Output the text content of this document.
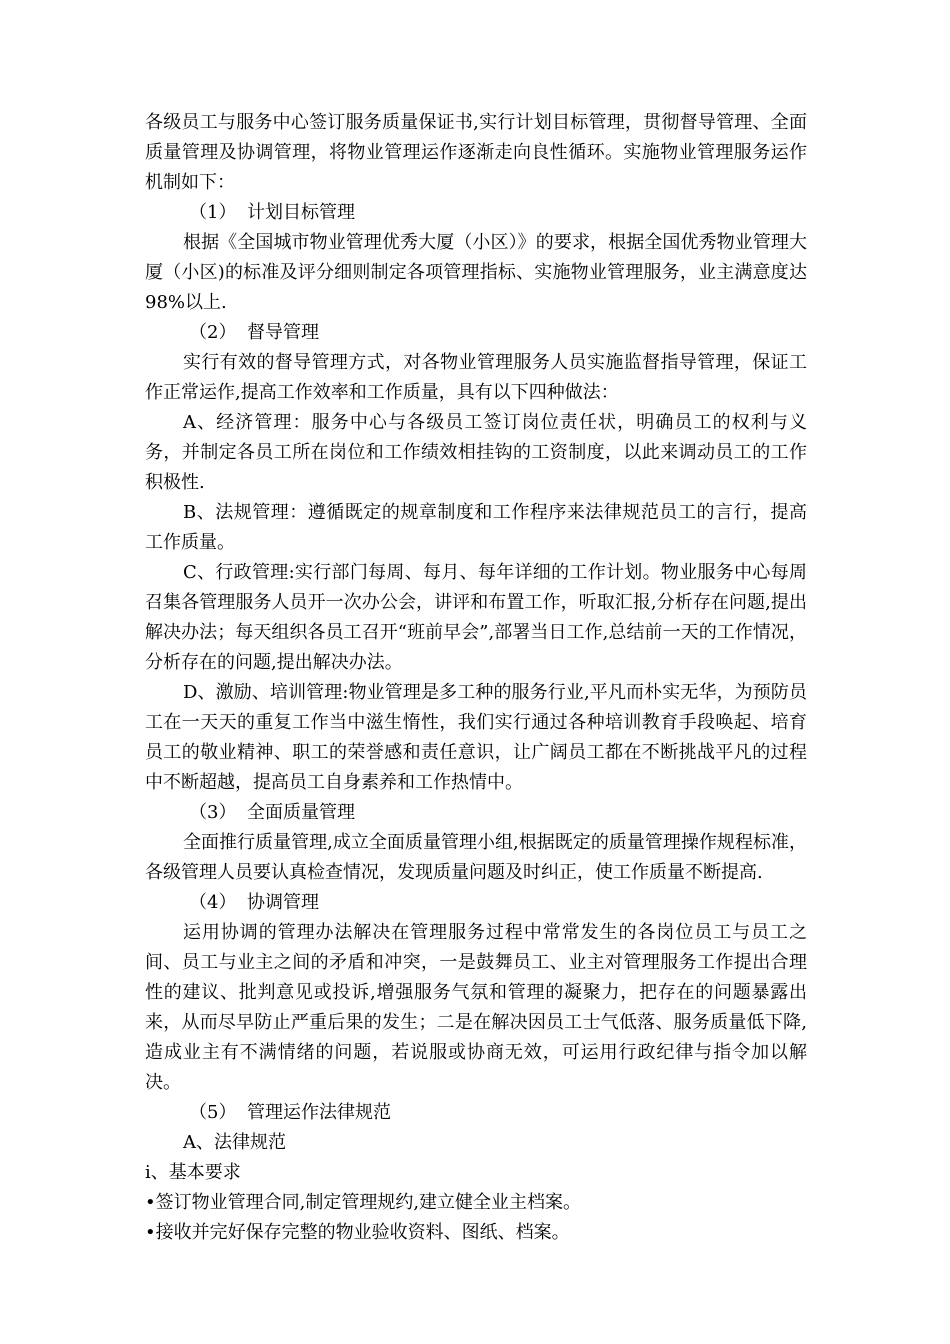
各级员工与服务中心签订服务质量保证书,实行计划目标管理，贯彻督导管理、全面质量管理及协调管理，将物业管理运作逐渐走向良性循环。实施物业管理服务运作机制如下：

（1） 计划目标管理

根据《全国城市物业管理优秀大厦（小区）》的要求，根据全国优秀物业管理大厦（小区)的标准及评分细则制定各项管理指标、实施物业管理服务，业主满意度达98%以上.

（2） 督导管理

实行有效的督导管理方式，对各物业管理服务人员实施监督指导管理，保证工作正常运作,提高工作效率和工作质量，具有以下四种做法：

A、经济管理：服务中心与各级员工签订岗位责任状，明确员工的权利与义务，并制定各员工所在岗位和工作绩效相挂钩的工资制度，以此来调动员工的工作积极性.

B、法规管理：遵循既定的规章制度和工作程序来法律规范员工的言行，提高工作质量。

C、行政管理:实行部门每周、每月、每年详细的工作计划。物业服务中心每周召集各管理服务人员开一次办公会，讲评和布置工作，听取汇报,分析存在问题,提出解决办法；每天组织各员工召开“班前早会”,部署当日工作,总结前一天的工作情况，分析存在的问题,提出解决办法。

D、激励、培训管理:物业管理是多工种的服务行业,平凡而朴实无华，为预防员工在一天天的重复工作当中滋生惰性，我们实行通过各种培训教育手段唤起、培育员工的敬业精神、职工的荣誉感和责任意识，让广阔员工都在不断挑战平凡的过程中不断超越，提高员工自身素养和工作热情中。

（3） 全面质量管理

全面推行质量管理,成立全面质量管理小组,根据既定的质量管理操作规程标准，各级管理人员要认真检查情况，发现质量问题及时纠正，使工作质量不断提高.

（4） 协调管理

运用协调的管理办法解决在管理服务过程中常常发生的各岗位员工与员工之间、员工与业主之间的矛盾和冲突，一是鼓舞员工、业主对管理服务工作提出合理性的建议、批判意见或投诉,增强服务气氛和管理的凝聚力，把存在的问题暴露出来，从而尽早防止严重后果的发生；二是在解决因员工士气低落、服务质量低下降,造成业主有不满情绪的问题，若说服或协商无效，可运用行政纪律与指令加以解决。

（5） 管理运作法律规范

A、法律规范

ⅰ、基本要求

•签订物业管理合同,制定管理规约,建立健全业主档案。

•接收并完好保存完整的物业验收资料、图纸、档案。
